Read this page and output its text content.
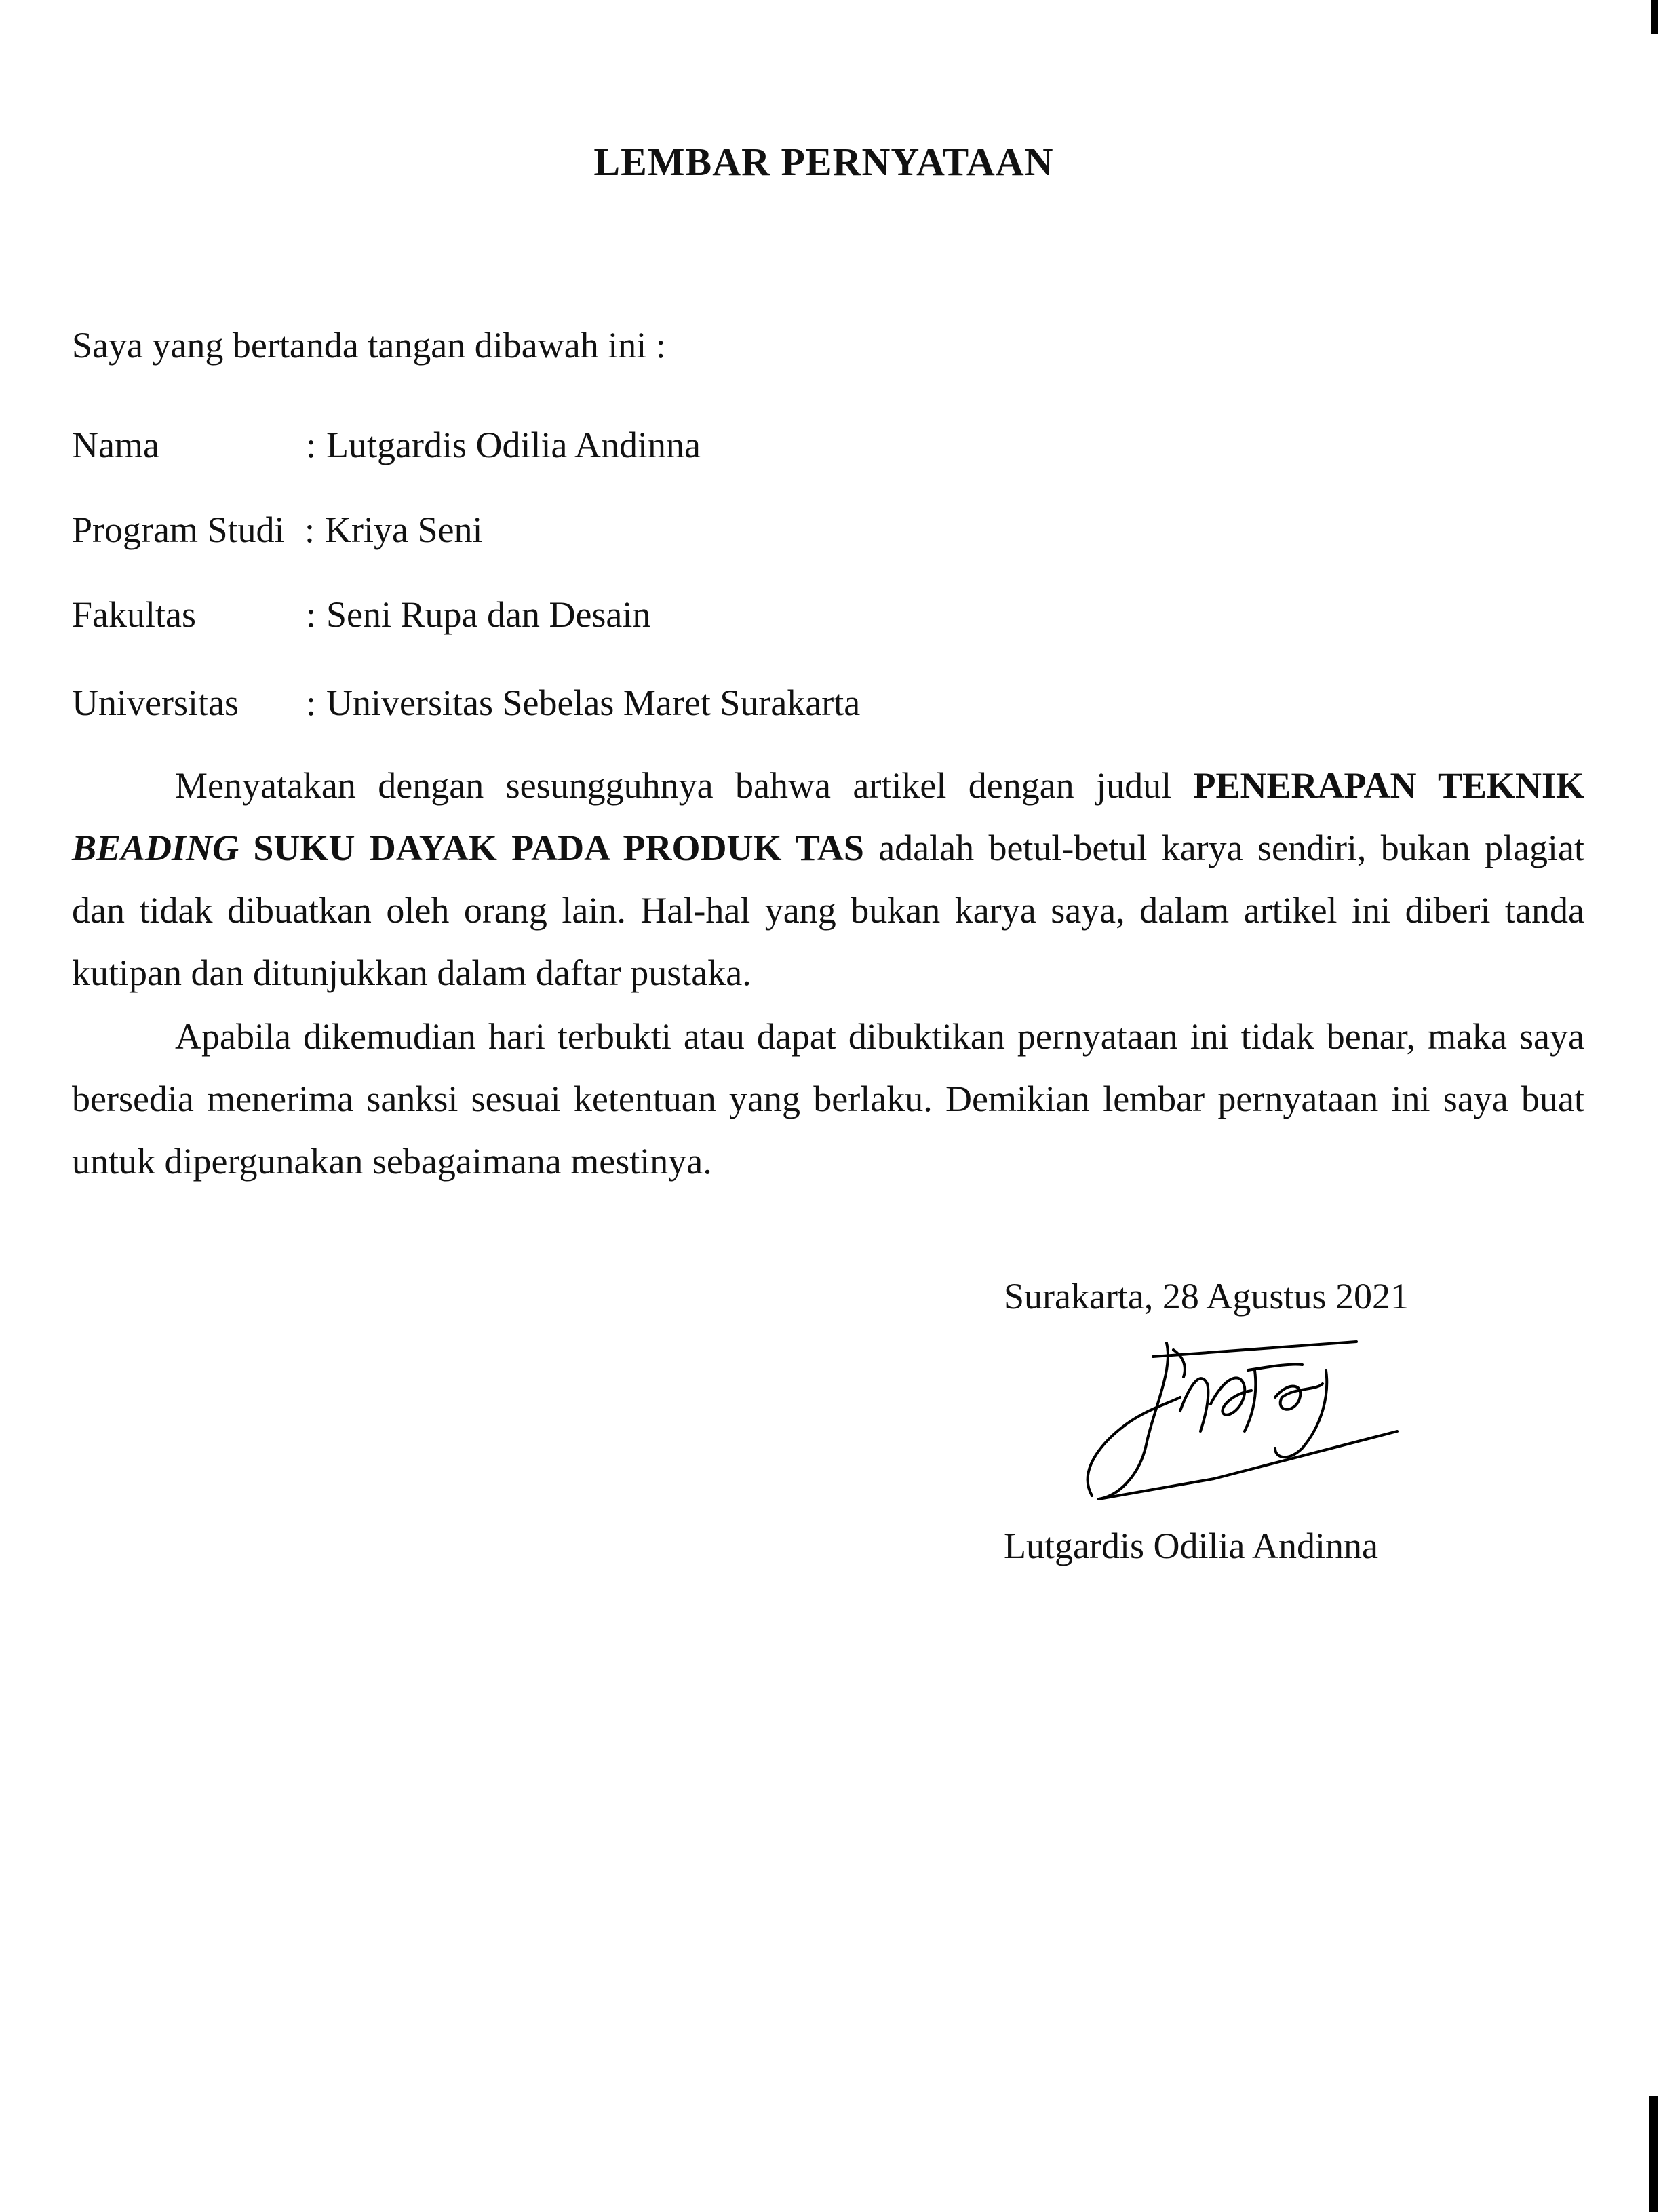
LEMBAR PERNYATAAN
Saya yang bertanda tangan dibawah ini :
Nama	: Lutgardis Odilia Andinna
Program Studi : Kriya Seni
Fakultas	: Seni Rupa dan Desain
Universitas : Universitas Sebelas Maret Surakarta

Menyatakan dengan sesungguhnya bahwa artikel dengan judul PENERAPAN TEKNIK BEADING SUKU DAYAK PADA PRODUK TAS adalah betul-betul karya sendiri, bukan plagiat dan tidak dibuatkan oleh orang lain. Hal-hal yang bukan karya saya, dalam artikel ini diberi tanda kutipan dan ditunjukkan dalam daftar pustaka.

Apabila dikemudian hari terbukti atau dapat dibuktikan pernyataan ini tidak benar, maka saya bersedia menerima sanksi sesuai ketentuan yang berlaku. Demikian lembar pernyataan ini saya buat untuk dipergunakan sebagaimana mestinya.

Surakarta, 28 Agustus 2021
Lutgardis Odilia Andinna
